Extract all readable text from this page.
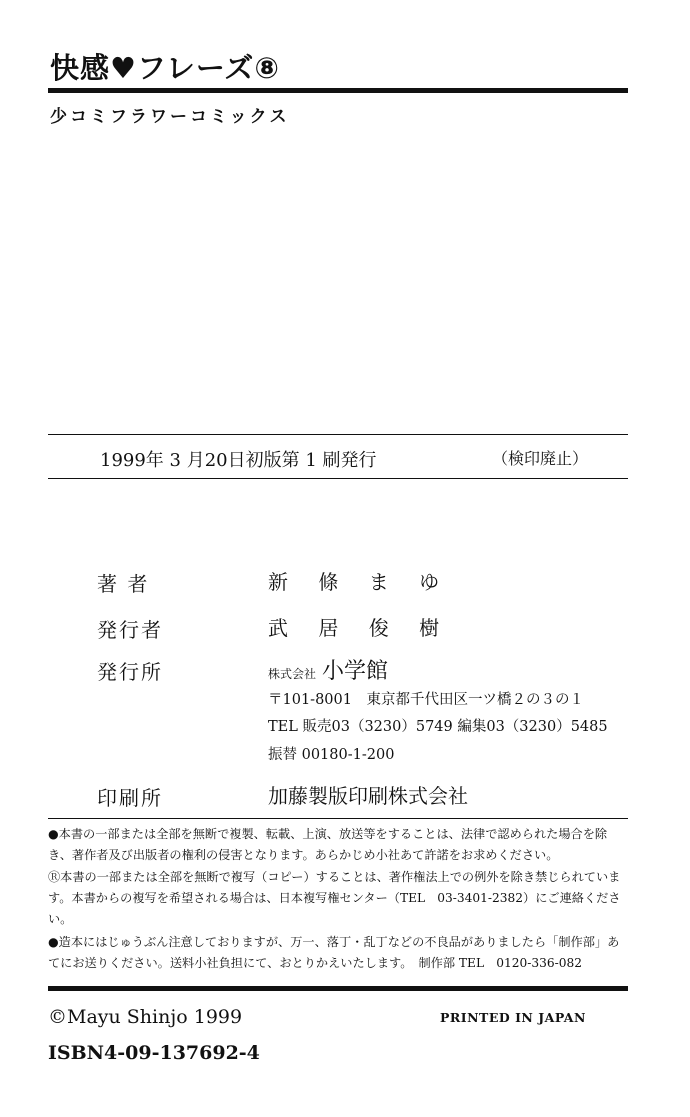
快感♥フレーズ⑧
少コミフラワーコミックス
1999年 3 月20日初版第 1 刷発行	（検印廃止）
著 者	新 條 ま ゆ
発行者	武 居 俊 樹
発行所	株式会社 小学館
〒101-8001　東京都千代田区一ツ橋２の３の１
TEL 販売03（3230）5749 編集03（3230）5485
振替 00180-1-200
印刷所	加藤製版印刷株式会社
●本書の一部または全部を無断で複製、転載、上演、放送等をすることは、法律で認められた場合を除き、著作者及び出版者の権利の侵害となります。あらかじめ小社あて許諾をお求めください。
Ⓡ本書の一部または全部を無断で複写（コピー）することは、著作権法上での例外を除き禁じられています。本書からの複写を希望される場合は、日本複写権センター（TEL　03-3401-2382）にご連絡ください。
●造本にはじゅうぶん注意しておりますが、万一、落丁・乱丁などの不良品がありましたら「制作部」あてにお送りください。送料小社負担にて、おとりかえいたします。　制作部 TEL　0120-336-082
©Mayu Shinjo 1999	PRINTED IN JAPAN
ISBN4-09-137692-4
